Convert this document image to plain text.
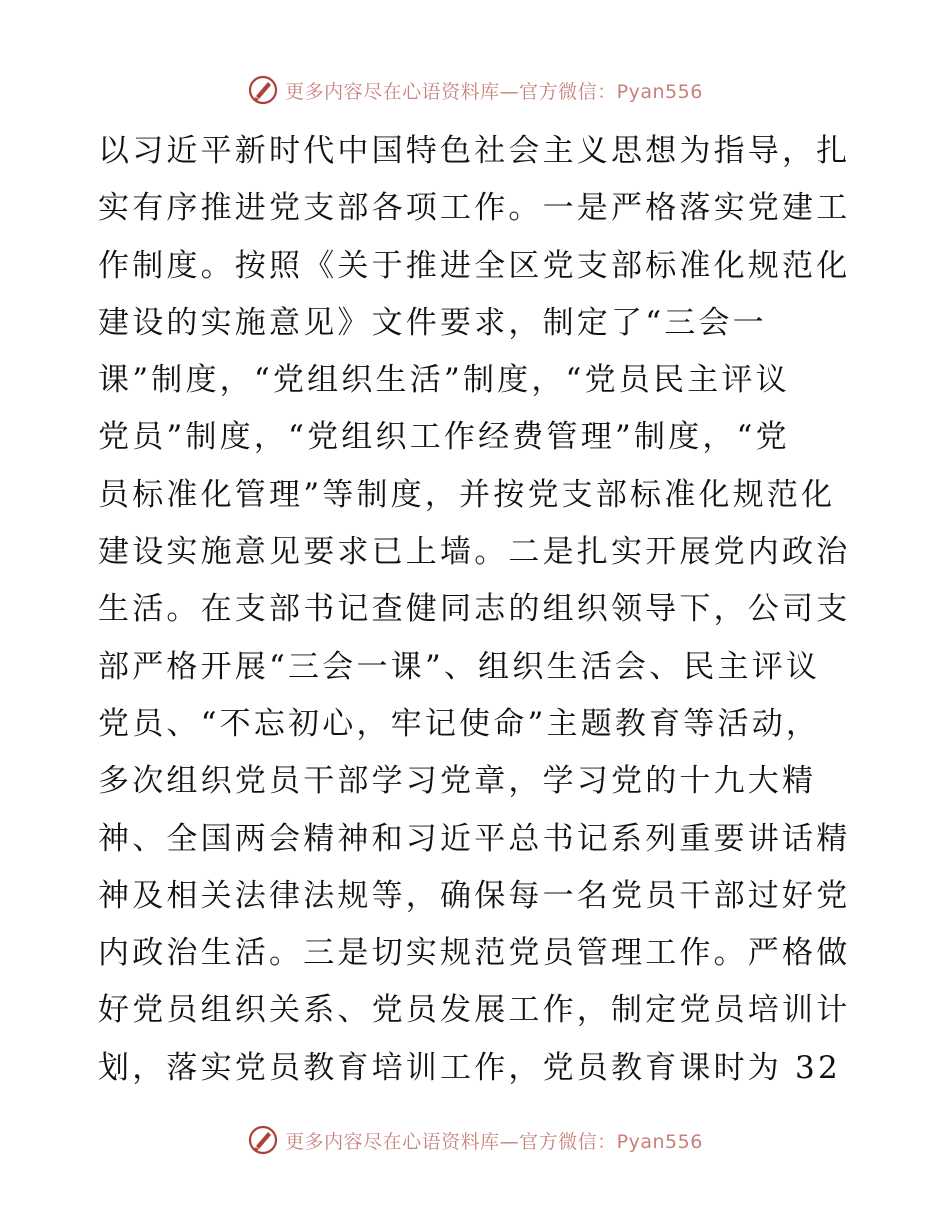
更多内容尽在心语资料库—官方微信：Pyan556
以习近平新时代中国特色社会主义思想为指导，扎
实有序推进党支部各项工作。一是严格落实党建工
作制度。按照《关于推进全区党支部标准化规范化
建设的实施意见》文件要求，制定了“三会一
课”制度，“党组织生活”制度，“党员民主评议
党员”制度，“党组织工作经费管理”制度，“党
员标准化管理”等制度，并按党支部标准化规范化
建设实施意见要求已上墙。二是扎实开展党内政治
生活。在支部书记查健同志的组织领导下，公司支
部严格开展“三会一课”、组织生活会、民主评议
党员、“不忘初心，牢记使命”主题教育等活动，
多次组织党员干部学习党章，学习党的十九大精
神、全国两会精神和习近平总书记系列重要讲话精
神及相关法律法规等，确保每一名党员干部过好党
内政治生活。三是切实规范党员管理工作。严格做
好党员组织关系、党员发展工作，制定党员培训计
划，落实党员教育培训工作，党员教育课时为 32
更多内容尽在心语资料库—官方微信：Pyan556
